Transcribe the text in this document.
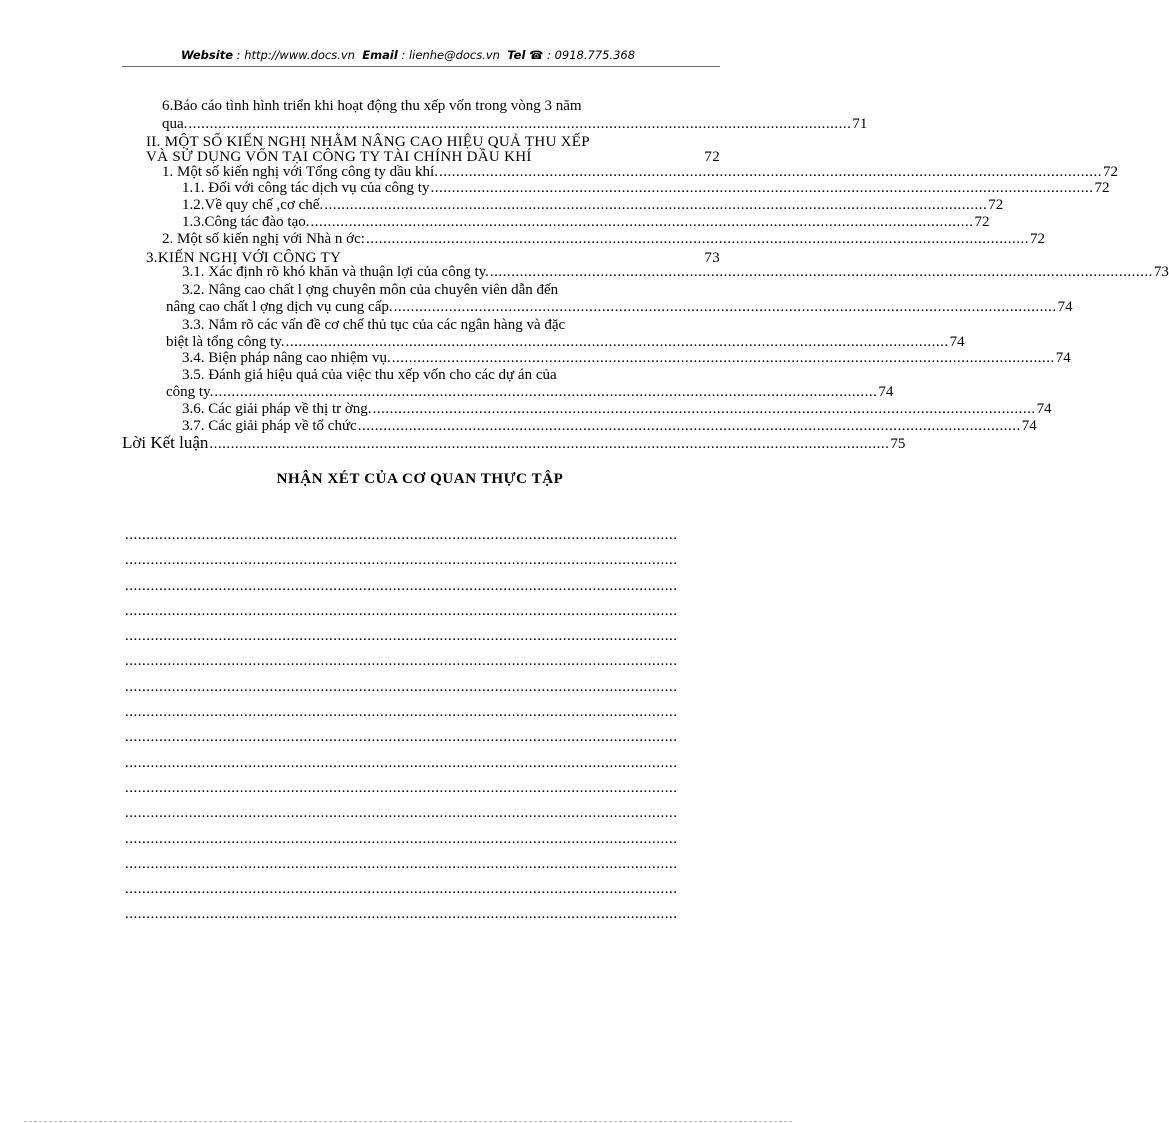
Website : http://www.docs.vn Email : lienhe@docs.vn Tel ☎ : 0918.775.368
6.Báo cáo tình hình triển khi hoạt động thu xếp vốn trong vòng 3 năm
qua. ............................................................................................................................................................ 71
II. MỘT SỐ KIẾN NGHỊ NHẰM NÂNG CAO HIỆU QUẢ THU XẾP
VÀ SỬ DỤNG VỐN TẠI CÔNG TY TÀI CHÍNH DẦU KHÍ	72
1. Một số kiến nghị với Tổng công ty dầu khí. ............................................................................................................................................................ 72
1.1. Đối với công tác dịch vụ của công ty ............................................................................................................................................................ 72
1.2.Về quy chế ,cơ chế. ............................................................................................................................................................ 72
1.3.Công tác đào tạo. ............................................................................................................................................................ 72
2. Một số kiến nghị với Nhà n ớc: ............................................................................................................................................................ 72
3.KIẾN NGHỊ VỚI CÔNG TY	73
3.1. Xác định rõ khó khăn và thuận lợi của công ty. ............................................................................................................................................................ 73
3.2. Nâng cao chất l ợng chuyên môn của chuyên viên dẫn đến
nâng cao chất l ợng dịch vụ cung cấp. ............................................................................................................................................................ 74
3.3. Nắm rõ các vấn đề cơ chế thủ tục của các ngân hàng và đặc
biệt là tổng công ty. ............................................................................................................................................................ 74
3.4. Biện pháp nâng cao nhiệm vụ. ............................................................................................................................................................ 74
3.5. Đánh giá hiệu quả của việc thu xếp vốn cho các dự án của
công ty. ............................................................................................................................................................ 74
3.6. Các giải pháp về thị tr ờng. ............................................................................................................................................................ 74
3.7. Các giải pháp về tổ chức ............................................................................................................................................................ 74
Lời Kết luận ................................................................................................................................................................ 75
NHẬN XÉT CỦA CƠ QUAN THỰC TẬP
..................................................................................................................................
..................................................................................................................................
..................................................................................................................................
..................................................................................................................................
..................................................................................................................................
..................................................................................................................................
..................................................................................................................................
..................................................................................................................................
..................................................................................................................................
..................................................................................................................................
..................................................................................................................................
..................................................................................................................................
..................................................................................................................................
..................................................................................................................................
..................................................................................................................................
..................................................................................................................................
